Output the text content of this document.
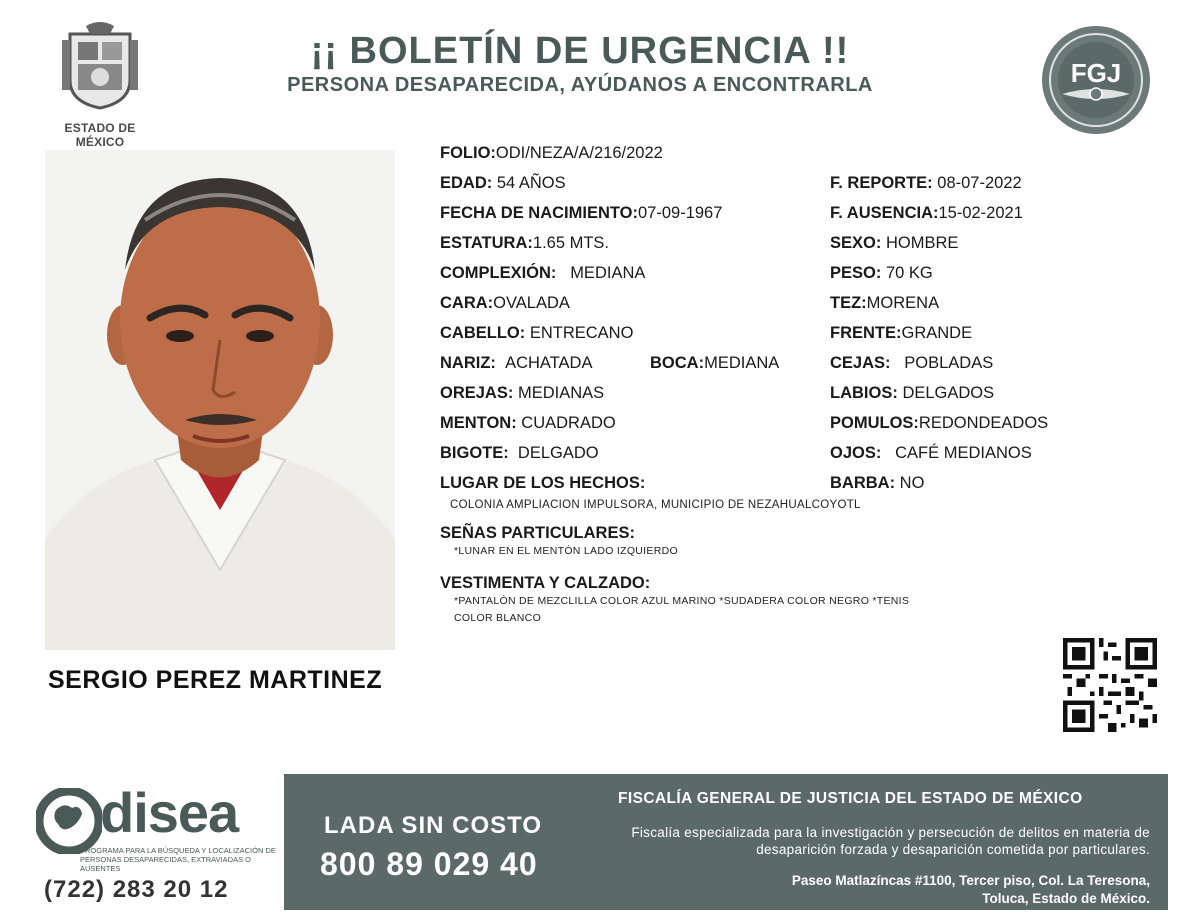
ESTADO DE MÉXICO
¡¡ BOLETÍN DE URGENCIA !!
PERSONA DESAPARECIDA, AYÚDANOS A ENCONTRARLA	FGJ
SERGIO PEREZ MARTINEZ
FOLIO:ODI/NEZA/A/216/2022
EDAD: 54 AÑOS	F. REPORTE: 08-07-2022
FECHA DE NACIMIENTO:07-09-1967	F. AUSENCIA:15-02-2021
ESTATURA:1.65 MTS.	SEXO: HOMBRE
COMPLEXIÓN: MEDIANA	PESO: 70 KG
CARA:OVALADA	TEZ:MORENA
CABELLO: ENTRECANO	FRENTE:GRANDE
NARIZ: ACHATADA	BOCA:MEDIANA	CEJAS: POBLADAS
OREJAS: MEDIANAS	LABIOS: DELGADOS
MENTON: CUADRADO	POMULOS:REDONDEADOS
BIGOTE: DELGADO	OJOS: CAFÉ MEDIANOS
LUGAR DE LOS HECHOS:	BARBA: NO
COLONIA AMPLIACION IMPULSORA, MUNICIPIO DE NEZAHUALCOYOTL
SEÑAS PARTICULARES:
*LUNAR EN EL MENTÓN LADO IZQUIERDO
VESTIMENTA Y CALZADO:
*PANTALÓN DE MEZCLILLA COLOR AZUL MARINO *SUDADERA COLOR NEGRO *TENIS
COLOR BLANCO
disea
PROGRAMA PARA LA BÚSQUEDA Y LOCALIZACIÓN DE PERSONAS DESAPARECIDAS, EXTRAVIADAS O AUSENTES
(722) 283 20 12
LADA SIN COSTO
800 89 029 40
FISCALÍA GENERAL DE JUSTICIA DEL ESTADO DE MÉXICO
Fiscalía especializada para la investigación y persecución de delitos en materia de desaparición forzada y desaparición cometida por particulares.
Paseo Matlazíncas #1100, Tercer piso, Col. La Teresona,
Toluca, Estado de México.
